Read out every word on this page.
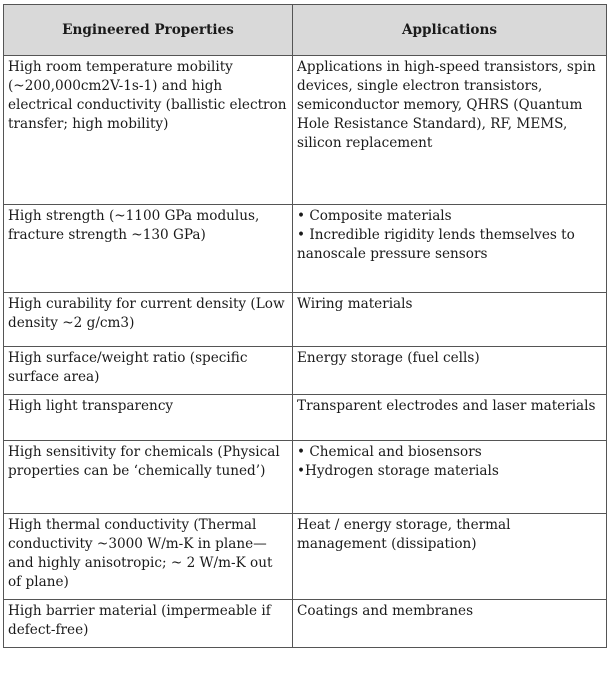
Engineered Properties	Applications
High room temperature mobility (~200,000cm2V-1s-1) and high electrical conductivity (ballistic electron transfer; high mobility)	Applications in high-speed transistors, spin devices, single electron transistors, semiconductor memory, QHRS (Quantum Hole Resistance Standard), RF, MEMS, silicon replacement

High strength (~1100 GPa modulus, fracture strength ~130 GPa)	• Composite materials
• Incredible rigidity lends themselves to nanoscale pressure sensors

High curability for current density (Low density ~2 g/cm3)	Wiring materials

High surface/weight ratio (specific surface area)	Energy storage (fuel cells)

High light transparency	Transparent electrodes and laser materials

High sensitivity for chemicals (Physical properties can be ‘chemically tuned’)	• Chemical and biosensors
•Hydrogen storage materials

High thermal conductivity (Thermal conductivity ~3000 W/m-K in plane—and highly anisotropic; ~ 2 W/m-K out of plane)	Heat / energy storage, thermal management (dissipation)

High barrier material (impermeable if defect-free)	Coatings and membranes
